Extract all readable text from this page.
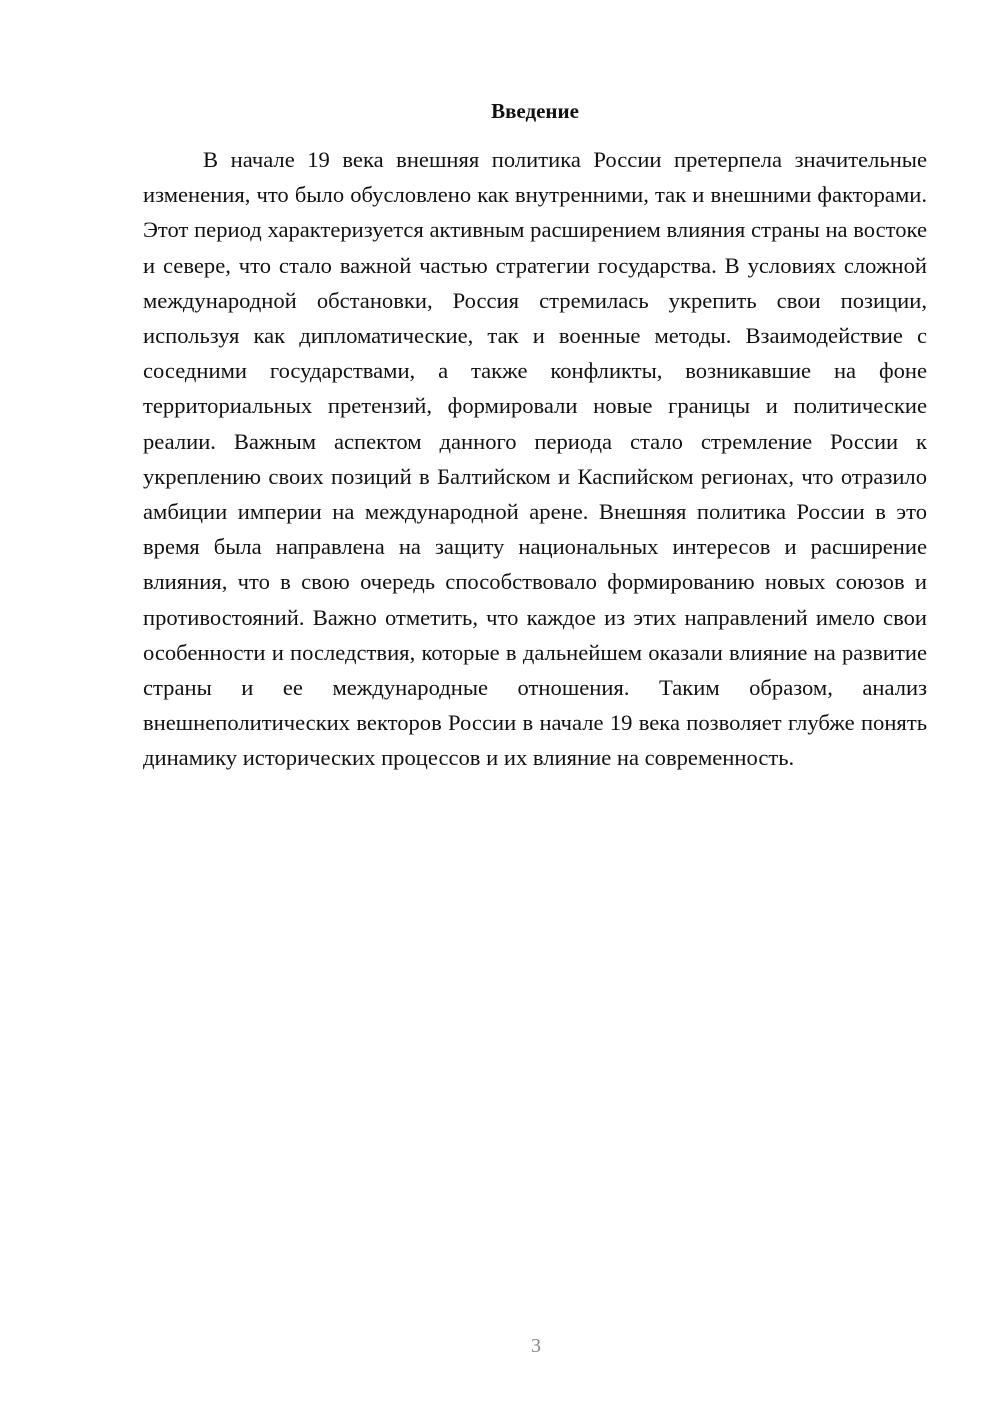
Введение

В начале 19 века внешняя политика России претерпела значительные изменения, что было обусловлено как внутренними, так и внешними факторами. Этот период характеризуется активным расширением влияния страны на востоке и севере, что стало важной частью стратегии государства. В условиях сложной международной обстановки, Россия стремилась укрепить свои позиции, используя как дипломатические, так и военные методы. Взаимодействие с соседними государствами, а также конфликты, возникавшие на фоне территориальных претензий, формировали новые границы и политические реалии. Важным аспектом данного периода стало стремление России к укреплению своих позиций в Балтийском и Каспийском регионах, что отразило амбиции империи на международной арене. Внешняя политика России в это время была направлена на защиту национальных интересов и расширение влияния, что в свою очередь способствовало формированию новых союзов и противостояний. Важно отметить, что каждое из этих направлений имело свои особенности и последствия, которые в дальнейшем оказали влияние на развитие страны и ее международные отношения. Таким образом, анализ внешнеполитических векторов России в начале 19 века позволяет глубже понять динамику исторических процессов и их влияние на современность.

3
